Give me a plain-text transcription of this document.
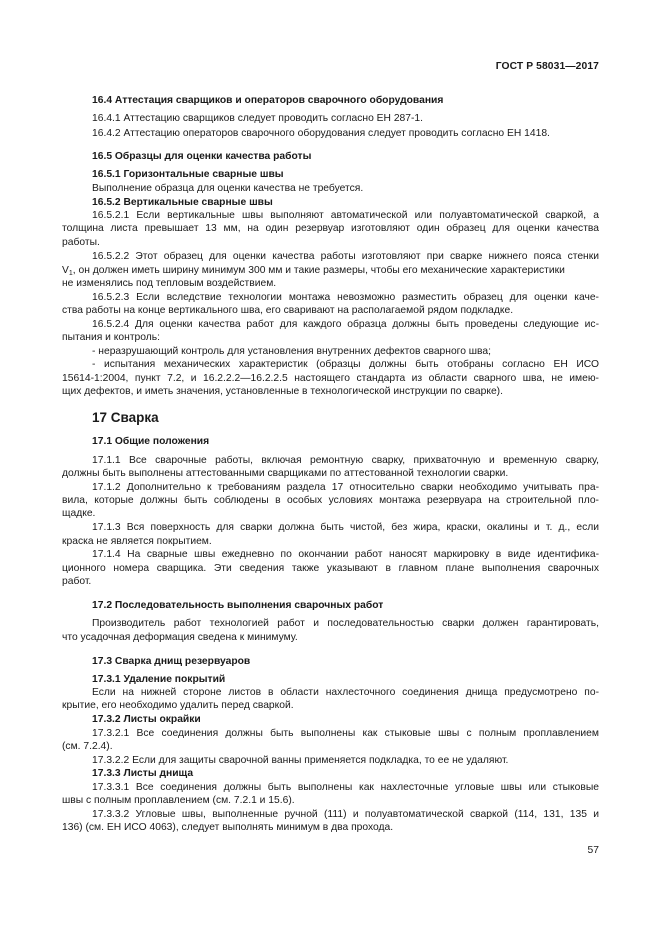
ГОСТ Р 58031—2017
16.4 Аттестация сварщиков и операторов сварочного оборудования
16.4.1 Аттестацию сварщиков следует проводить согласно ЕН 287-1.
16.4.2 Аттестацию операторов сварочного оборудования следует проводить согласно ЕН 1418.
16.5 Образцы для оценки качества работы
16.5.1 Горизонтальные сварные швы
Выполнение образца для оценки качества не требуется.
16.5.2 Вертикальные сварные швы
16.5.2.1 Если вертикальные швы выполняют автоматической или полуавтоматической сваркой, а
толщина листа превышает 13 мм, на один резервуар изготовляют один образец для оценки качества
работы.
16.5.2.2 Этот образец для оценки качества работы изготовляют при сварке нижнего пояса стенки
$V_1$, он должен иметь ширину минимум 300 мм и такие размеры, чтобы его механические характеристики
не изменялись под тепловым воздействием.
16.5.2.3 Если вследствие технологии монтажа невозможно разместить образец для оценки каче-
ства работы на конце вертикального шва, его сваривают на располагаемой рядом подкладке.
16.5.2.4 Для оценки качества работ для каждого образца должны быть проведены следующие ис-
пытания и контроль:
- неразрушающий контроль для установления внутренних дефектов сварного шва;
- испытания механических характеристик (образцы должны быть отобраны согласно ЕН ИСО
15614-1:2004, пункт 7.2, и 16.2.2.2—16.2.2.5 настоящего стандарта из области сварного шва, не имею-
щих дефектов, и иметь значения, установленные в технологической инструкции по сварке).
17 Сварка
17.1 Общие положения
17.1.1 Все сварочные работы, включая ремонтную сварку, прихваточную и временную сварку,
должны быть выполнены аттестованными сварщиками по аттестованной технологии сварки.
17.1.2 Дополнительно к требованиям раздела 17 относительно сварки необходимо учитывать пра-
вила, которые должны быть соблюдены в особых условиях монтажа резервуара на строительной пло-
щадке.
17.1.3 Вся поверхность для сварки должна быть чистой, без жира, краски, окалины и т. д., если
краска не является покрытием.
17.1.4 На сварные швы ежедневно по окончании работ наносят маркировку в виде идентифика-
ционного номера сварщика. Эти сведения также указывают в главном плане выполнения сварочных
работ.
17.2 Последовательность выполнения сварочных работ
Производитель работ технологией работ и последовательностью сварки должен гарантировать,
что усадочная деформация сведена к минимуму.
17.3 Сварка днищ резервуаров
17.3.1 Удаление покрытий
Если на нижней стороне листов в области нахлесточного соединения днища предусмотрено по-
крытие, его необходимо удалить перед сваркой.
17.3.2 Листы окрайки
17.3.2.1 Все соединения должны быть выполнены как стыковые швы с полным проплавлением
(см. 7.2.4).
17.3.2.2 Если для защиты сварочной ванны применяется подкладка, то ее не удаляют.
17.3.3 Листы днища
17.3.3.1 Все соединения должны быть выполнены как нахлесточные угловые швы или стыковые
швы с полным проплавлением (см. 7.2.1 и 15.6).
17.3.3.2 Угловые швы, выполненные ручной (111) и полуавтоматической сваркой (114, 131, 135 и
136) (см. ЕН ИСО 4063), следует выполнять минимум в два прохода.
57
